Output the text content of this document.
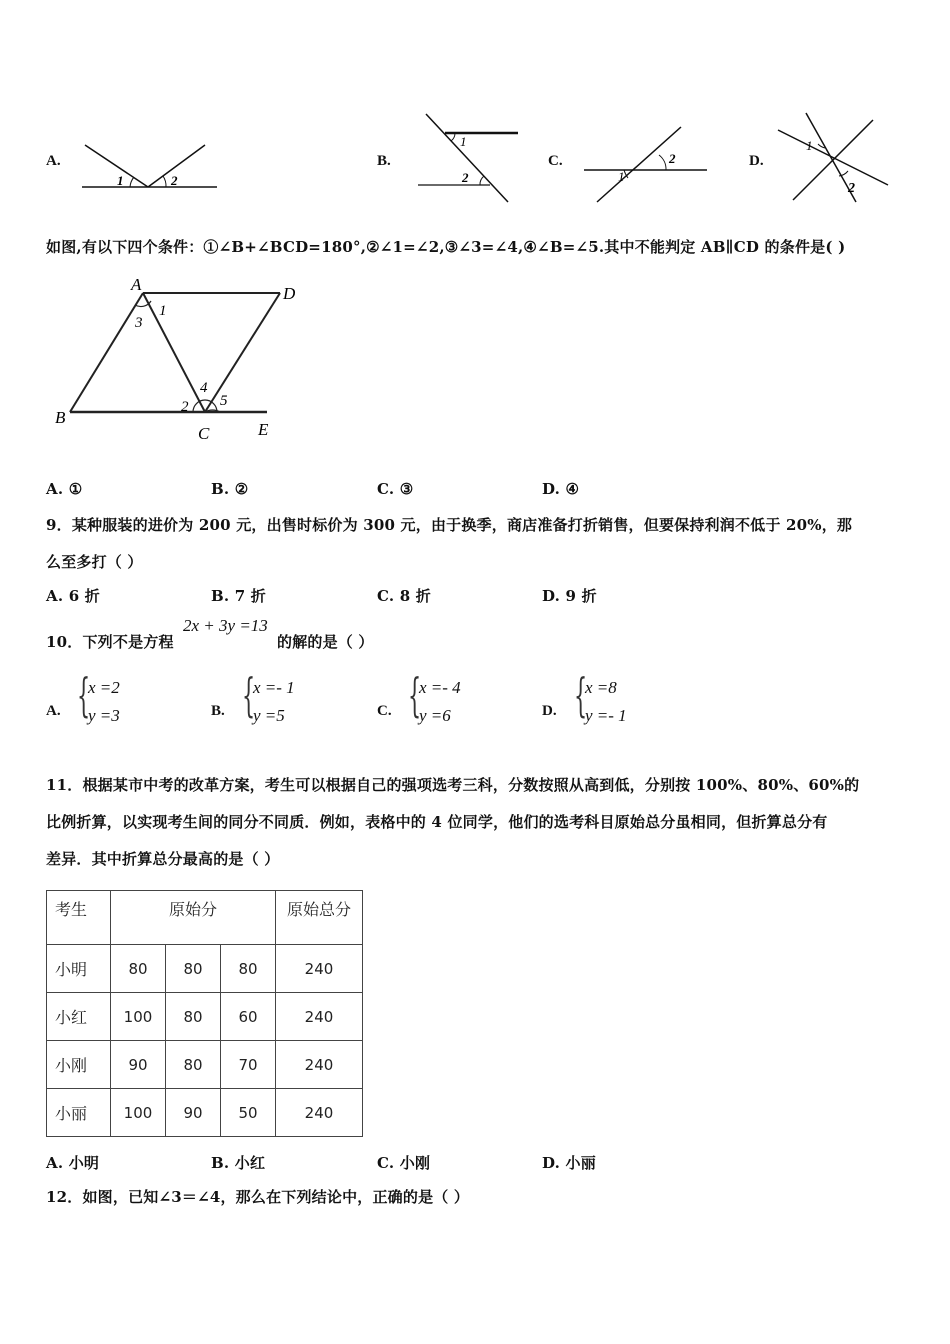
A.
1	2
B.
1
2
C.
1
2	D.
1
2
如图,有以下四个条件：①∠B+∠BCD=180°,②∠1=∠2,③∠3=∠4,④∠B=∠5.其中不能判定 AB∥CD 的条件是( )
A	D
B
C	E
1
3
2
4
5
A. ①	B. ②	C. ③	D. ④
9．某种服装的进价为 200 元，出售时标价为 300 元，由于换季，商店准备打折销售，但要保持利润不低于 20%，那
么至多打（ ）
A. 6 折	B. 7 折	C. 8 折	D. 9 折
10．下列不是方程
2x + 3y =13
的解的是（ ）
A. {
x =2
y =3	B. {
x =- 1
y =5	C. {
x =- 4
y =6	D. {
x =8
y =- 1
11．根据某市中考的改革方案，考生可以根据自己的强项选考三科，分数按照从高到低，分别按 100%、80%、60%的
比例折算，以实现考生间的同分不同质．例如，表格中的 4 位同学，他们的选考科目原始总分虽相同，但折算总分有
差异．其中折算总分最高的是（ ）
考生	原始分			原始总分
小明	80	80	80	240
小红	100	80	60	240
小刚	90	80	70	240
小丽	100	90	50	240
A. 小明	B. 小红	C. 小刚	D. 小丽
12．如图，已知∠3＝∠4，那么在下列结论中，正确的是（ ）
